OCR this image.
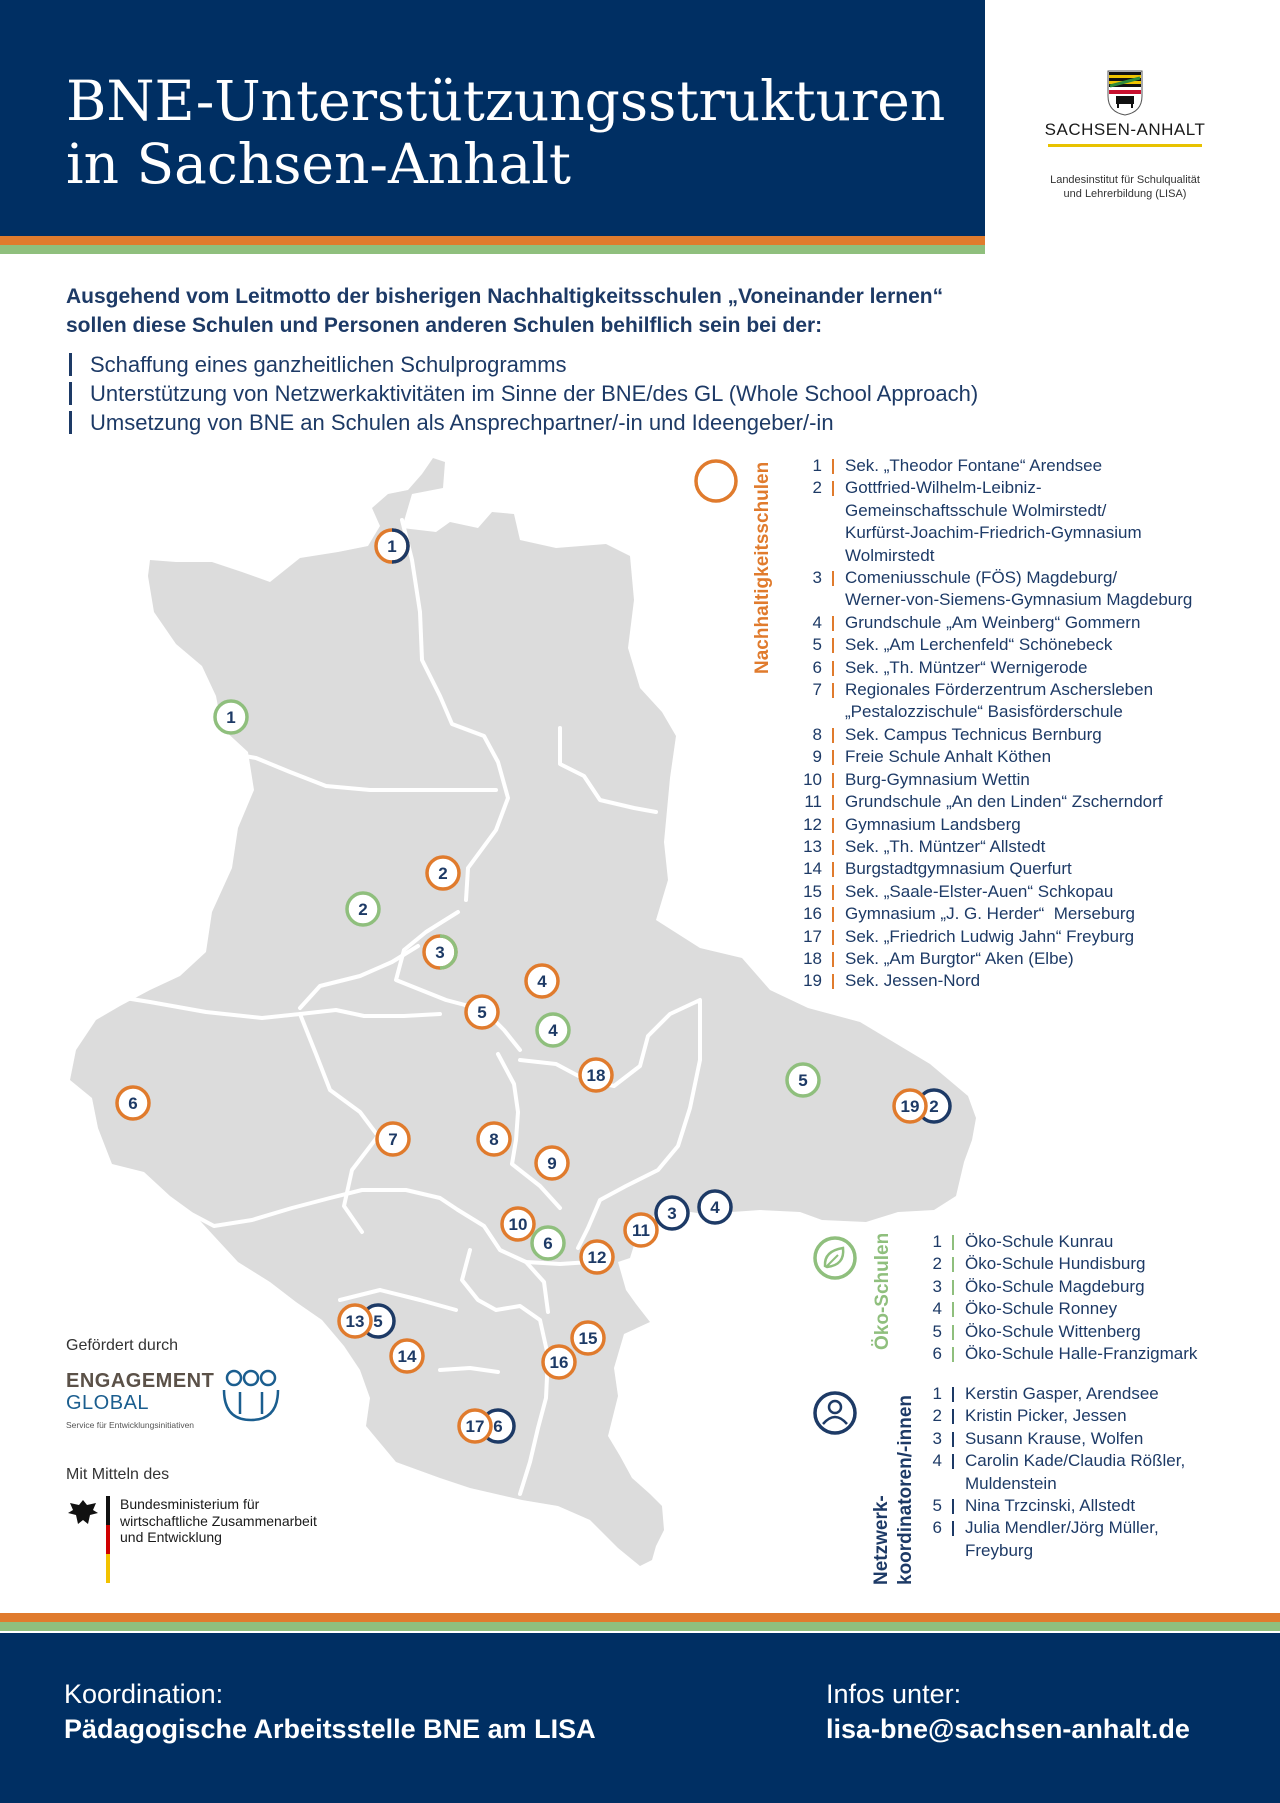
BNE-Unterstützungsstrukturen
in Sachsen-Anhalt
SACHSEN-ANHALT
Landesinstitut für Schulqualität
und Lehrerbildung (LISA)
Ausgehend vom Leitmotto der bisherigen Nachhaltigkeitsschulen „Voneinander lernen“
sollen diese Schulen und Personen anderen Schulen behilflich sein bei der:
Schaffung eines ganzheitlichen Schulprogramms
Unterstützung von Netzwerkaktivitäten im Sinne der BNE/des GL (Whole School Approach)
Umsetzung von BNE an Schulen als Ansprechpartner/-in und Ideengeber/-in
1
1
2
2
3
4
5
4
18
6
5
2
19
7	8
9
4
3
11
10
6
12
5
13
15
14	16
6
17
Nachhaltigkeitsschulen 1 Sek. „Theodor Fontane“ Arendsee
2 Gottfried-Wilhelm-Leibniz-
Gemeinschaftsschule Wolmirstedt/
Kurfürst-Joachim-Friedrich-Gymnasium
Wolmirstedt
3 Comeniusschule (FÖS) Magdeburg/
Werner-von-Siemens-Gymnasium Magdeburg
4 Grundschule „Am Weinberg“ Gommern
5 Sek. „Am Lerchenfeld“ Schönebeck
6 Sek. „Th. Müntzer“ Wernigerode
7 Regionales Förderzentrum Aschersleben
„Pestalozzischule“ Basisförderschule
8 Sek. Campus Technicus Bernburg
9 Freie Schule Anhalt Köthen
10 Burg-Gymnasium Wettin
11 Grundschule „An den Linden“ Zscherndorf
12 Gymnasium Landsberg
13 Sek. „Th. Müntzer“ Allstedt
14 Burgstadtgymnasium Querfurt
15 Sek. „Saale-Elster-Auen“ Schkopau
16 Gymnasium „J. G. Herder“  Merseburg
17 Sek. „Friedrich Ludwig Jahn“ Freyburg
18 Sek. „Am Burgtor“ Aken (Elbe)
19 Sek. Jessen-Nord
Öko-Schulen 1 Öko-Schule Kunrau
2 Öko-Schule Hundisburg
3 Öko-Schule Magdeburg
4 Öko-Schule Ronney
5 Öko-Schule Wittenberg
6 Öko-Schule Halle-Franzigmark
Netzwerk- koordinatoren/-innen
1 Kerstin Gasper, Arendsee
2 Kristin Picker, Jessen
3 Susann Krause, Wolfen
4 Carolin Kade/Claudia Rößler,
Muldenstein
5 Nina Trzcinski, Allstedt
6 Julia Mendler/Jörg Müller,
Freyburg
Gefördert durch
ENGAGEMENT
GLOBAL
Service für Entwicklungsinitiativen
Mit Mitteln des
Bundesministerium für
wirtschaftliche Zusammenarbeit
und Entwicklung
Koordination:
Pädagogische Arbeitsstelle BNE am LISA
Infos unter:
lisa-bne@sachsen-anhalt.de
